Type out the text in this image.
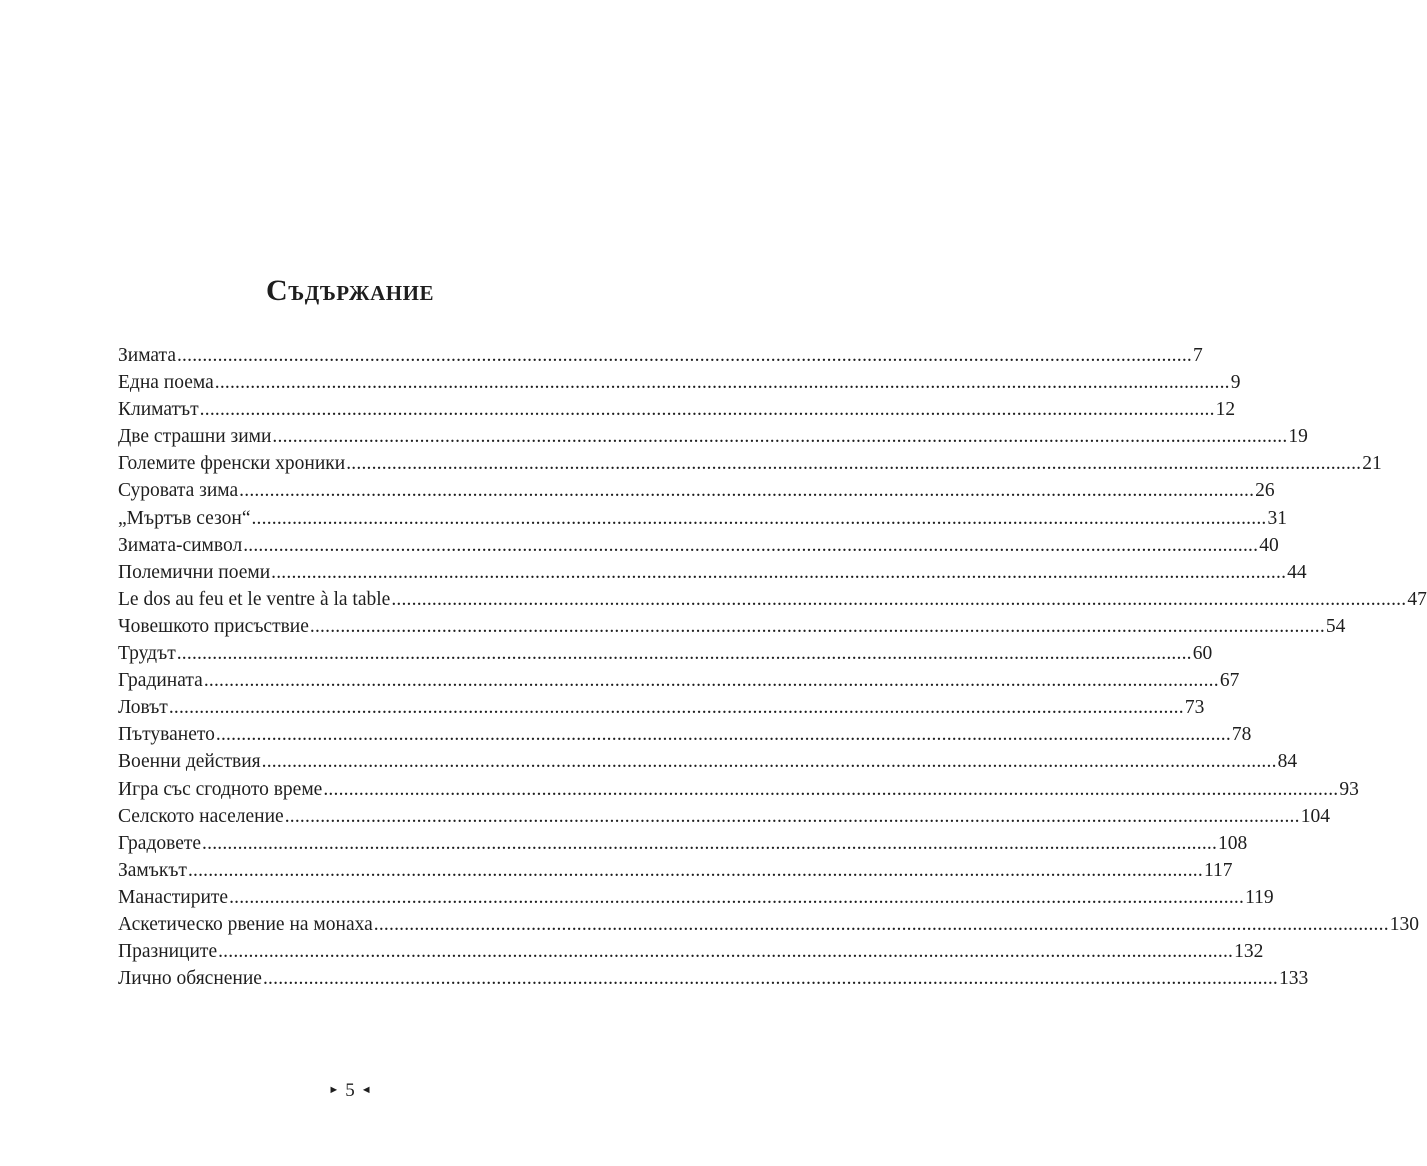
Съдържание
Зимата ........................................................................................................................................................................................................ 7
Една поема ........................................................................................................................................................................................................ 9
Климатът ........................................................................................................................................................................................................ 12
Две страшни зими ........................................................................................................................................................................................................ 19
Големите френски хроники ........................................................................................................................................................................................................ 21
Суровата зима ........................................................................................................................................................................................................ 26
„Мъртъв сезон“ ........................................................................................................................................................................................................ 31
Зимата-символ ........................................................................................................................................................................................................ 40
Полемични поеми ........................................................................................................................................................................................................ 44
Le dos au feu et le ventre à la table ........................................................................................................................................................................................................ 47
Човешкото присъствие ........................................................................................................................................................................................................ 54
Трудът ........................................................................................................................................................................................................ 60
Градината ........................................................................................................................................................................................................ 67
Ловът ........................................................................................................................................................................................................ 73
Пътуването ........................................................................................................................................................................................................ 78
Военни действия ........................................................................................................................................................................................................ 84
Игра със сгодното време ........................................................................................................................................................................................................ 93
Селското население ........................................................................................................................................................................................................ 104
Градовете ........................................................................................................................................................................................................ 108
Замъкът ........................................................................................................................................................................................................ 117
Манастирите ........................................................................................................................................................................................................ 119
Аскетическо рвение на монаха ........................................................................................................................................................................................................ 130
Празниците ........................................................................................................................................................................................................ 132
Лично обяснение ........................................................................................................................................................................................................ 133
► 5 ◄
